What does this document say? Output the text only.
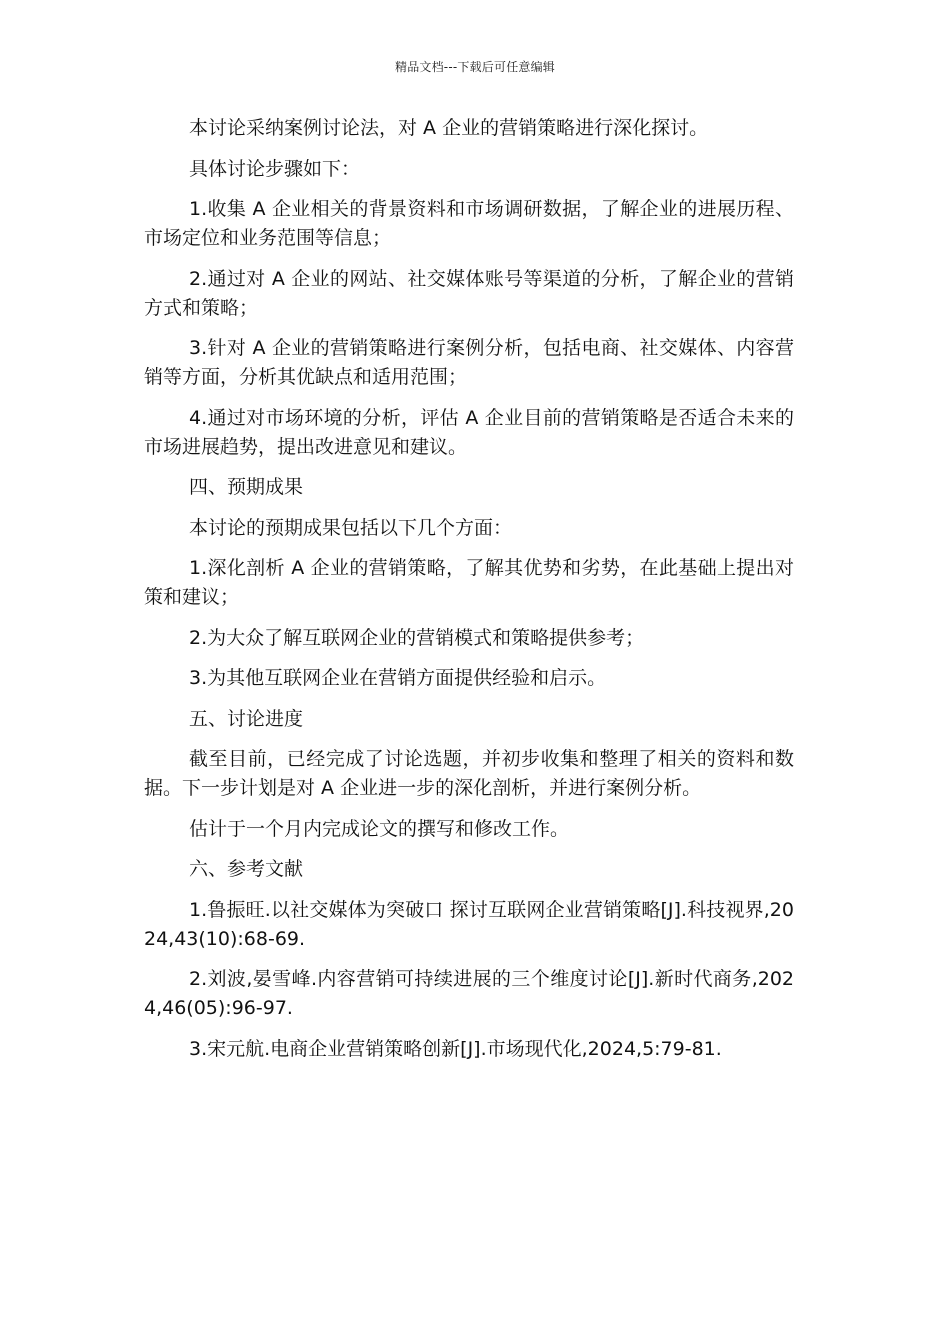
精品文档---下载后可任意编辑

本讨论采纳案例讨论法，对 A 企业的营销策略进行深化探讨。

具体讨论步骤如下：

1.收集 A 企业相关的背景资料和市场调研数据，了解企业的进展历程、市场定位和业务范围等信息；

2.通过对 A 企业的网站、社交媒体账号等渠道的分析，了解企业的营销方式和策略；

3.针对 A 企业的营销策略进行案例分析，包括电商、社交媒体、内容营销等方面，分析其优缺点和适用范围；

4.通过对市场环境的分析，评估 A 企业目前的营销策略是否适合未来的市场进展趋势，提出改进意见和建议。

四、预期成果

本讨论的预期成果包括以下几个方面：

1.深化剖析 A 企业的营销策略，了解其优势和劣势，在此基础上提出对策和建议；

2.为大众了解互联网企业的营销模式和策略提供参考；

3.为其他互联网企业在营销方面提供经验和启示。

五、讨论进度

截至目前，已经完成了讨论选题，并初步收集和整理了相关的资料和数据。下一步计划是对 A 企业进一步的深化剖析，并进行案例分析。

估计于一个月内完成论文的撰写和修改工作。

六、参考文献

1.鲁振旺.以社交媒体为突破口 探讨互联网企业营销策略[J].科技视界,2024,43(10):68-69.

2.刘波,晏雪峰.内容营销可持续进展的三个维度讨论[J].新时代商务,2024,46(05):96-97.

3.宋元航.电商企业营销策略创新[J].市场现代化,2024,5:79-81.
